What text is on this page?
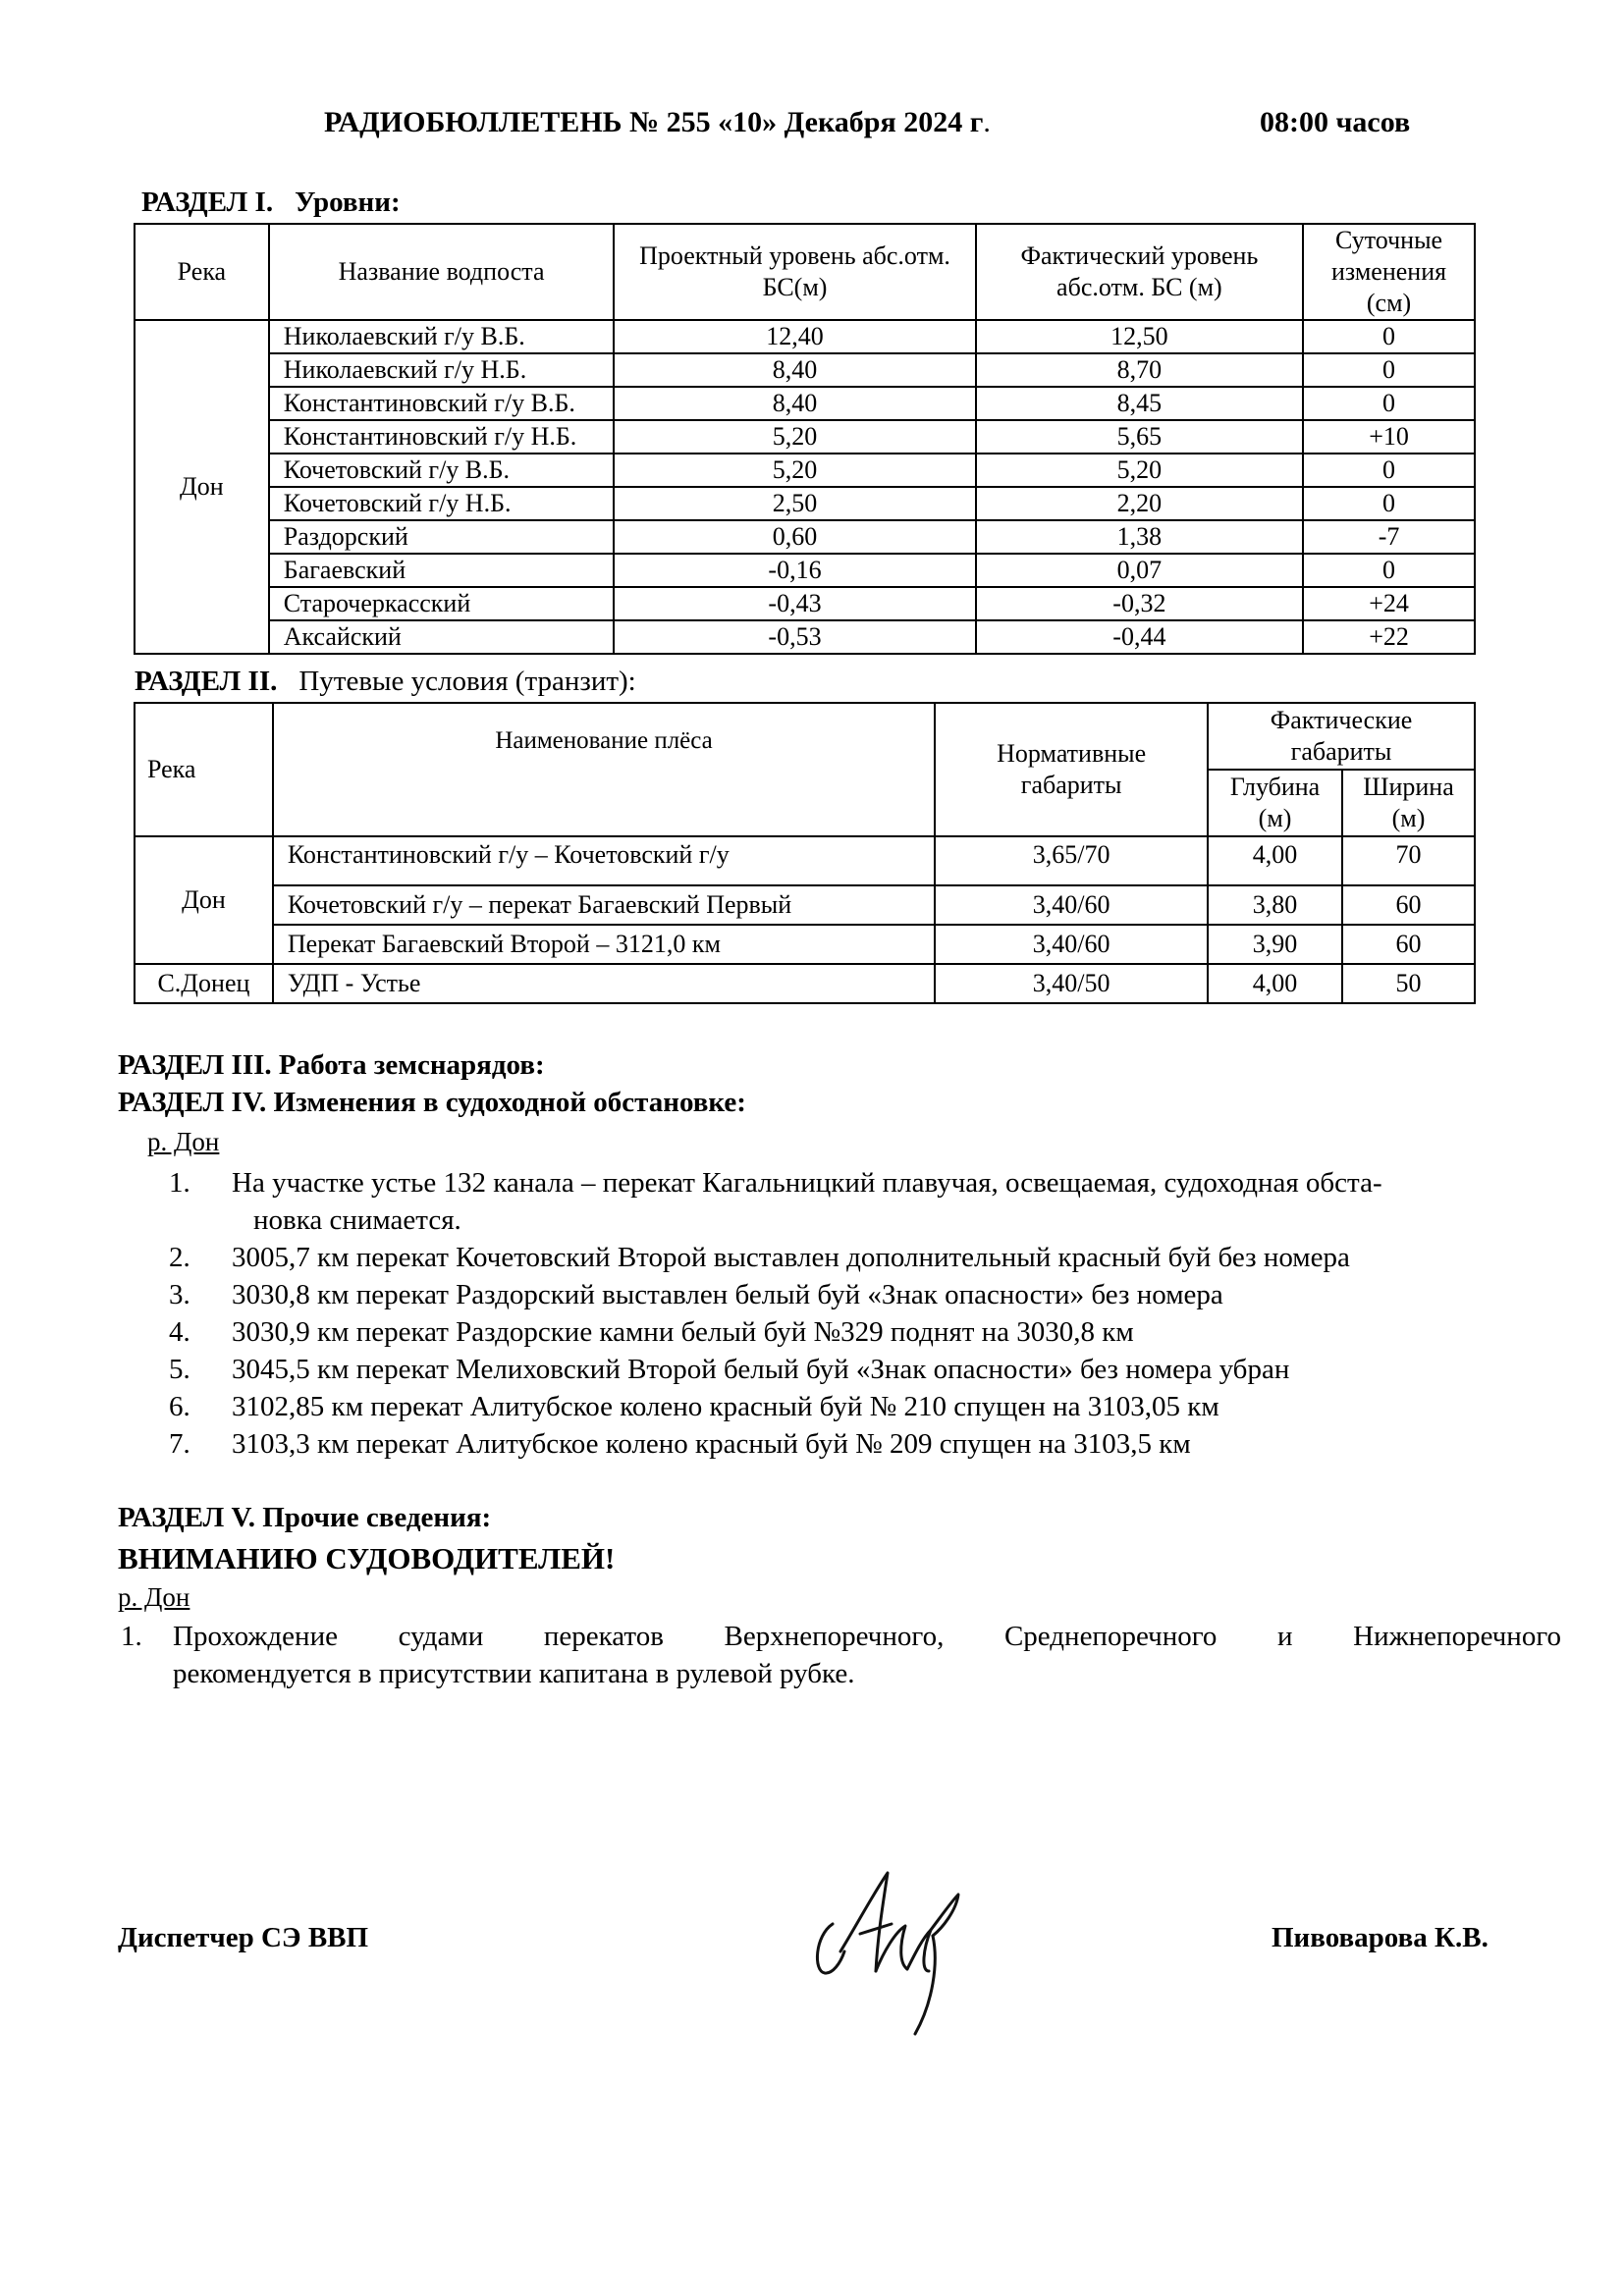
РАДИОБЮЛЛЕТЕНЬ № 255 «10» Декабря 2024 г.	08:00 часов
РАЗДЕЛ I. Уровни:
Река	Название водпоста	Проектный уровень абс.отм. БС(м)	Фактический уровень абс.отм. БС (м)	Суточные изменения (см)
Дон	Николаевский г/у В.Б.	12,40	12,50	0
	Николаевский г/у Н.Б.	8,40	8,70	0
	Константиновский г/у В.Б.	8,40	8,45	0
	Константиновский г/у Н.Б.	5,20	5,65	+10
	Кочетовский г/у В.Б.	5,20	5,20	0
	Кочетовский г/у Н.Б.	2,50	2,20	0
	Раздорский	0,60	1,38	-7
	Багаевский	-0,16	0,07	0
	Старочеркасский	-0,43	-0,32	+24
	Аксайский	-0,53	-0,44	+22
РАЗДЕЛ II. Путевые условия (транзит):
Река	Наименование плёса	Нормативные габариты	Фактические габариты	
			Глубина (м)	Ширина (м)
Дон	Константиновский г/у – Кочетовский г/у	3,65/70	4,00	70
	Кочетовский г/у – перекат Багаевский Первый	3,40/60	3,80	60
	Перекат Багаевский Второй – 3121,0 км	3,40/60	3,90	60
С.Донец	УДП - Устье	3,40/50	4,00	50
РАЗДЕЛ III. Работа земснарядов:
РАЗДЕЛ IV. Изменения в судоходной обстановке:
р. Дон
1. На участке устье 132 канала – перекат Кагальницкий плавучая, освещаемая, судоходная обста-
новка снимается.
2. 3005,7 км перекат Кочетовский Второй выставлен дополнительный красный буй без номера
3. 3030,8 км перекат Раздорский выставлен белый буй «Знак опасности» без номера
4. 3030,9 км перекат Раздорские камни белый буй №329 поднят на 3030,8 км
5. 3045,5 км перекат Мелиховский Второй белый буй «Знак опасности» без номера убран
6. 3102,85 км перекат Алитубское колено красный буй № 210 спущен на 3103,05 км
7. 3103,3 км перекат Алитубское колено красный буй № 209 спущен на 3103,5 км
РАЗДЕЛ V. Прочие сведения:
ВНИМАНИЮ СУДОВОДИТЕЛЕЙ!
р. Дон
1. Прохождение судами перекатов Верхнепоречного, Среднепоречного и Нижнепоречного
рекомендуется в присутствии капитана в рулевой рубке.
Диспетчер СЭ ВВП	Пивоварова К.В.
